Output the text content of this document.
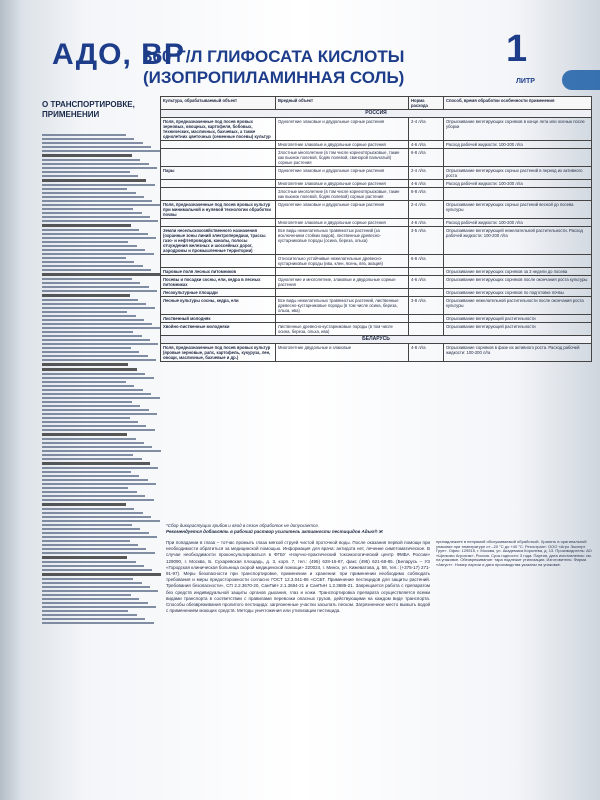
АДО, ВР
360 Г/Л ГЛИФОСАТА КИСЛОТЫ
(ИЗОПРОПИЛАМИННАЯ СОЛЬ)
1
ЛИТР
О ТРАНСПОРТИРОВКЕ,
ПРИМЕНЕНИИ
Культура, обрабатываемый объект	Вредный объект	Норма расхода	Способ, время обработки особенности применения
РОССИЯ			
Поля, предназначенные под посев яровых зерновых, овощных, картофеля, бобовых, технических, масличных, бахчевых, а также однолетних цветочных (семенные посевы) культур	Однолетние злаковые и двудольные сорные растения	2-4 л/га	Опрыскивание вегетирующих сорняков в конце лета или осенью после уборки
	Многолетние злаковые и двудольные сорные растения	4-6 л/га	Расход рабочей жидкости: 100-200 л/га
	Злостные многолетние (в том числе корнеотпрысковые, такие как вьюнок полевой, бодяк полевой, свинорой пальчатый) сорные растения	6-8 л/га	
Пары	Однолетние злаковые и двудольные сорные растения	2-4 л/га	Опрыскивание вегетирующих сорных растений в период их активного роста
	Многолетние злаковые и двудольные сорные растения	4-6 л/га	Расход рабочей жидкости: 100-200 л/га
	Злостные многолетние (в том числе корнеотпрысковые, такие как вьюнок полевой, бодяк полевой) сорные растения	6-8 л/га	
Поля, предназначенные под посев яровых культур при минимальной и нулевой технологии обработки почвы	Однолетние злаковые и двудольные сорные растения	2-4 л/га	Опрыскивание вегетирующих сорных растений весной до посева культуры
	Многолетние злаковые и двудольные сорные растения	4-6 л/га	Расход рабочей жидкости: 100-200 л/га
Земли несельскохозяйственного назначения (охранные зоны линий электропередачи, трассы газо- и нефтепроводов, каналы, полосы отчуждения железных и шоссейных дорог, аэродромы и промышленные территории)	Все виды нежелательных травянистых растений (за исключением стойких видов), лиственные древесно-кустарниковые породы (осина, береза, ольха)	3-5 л/га	Опрыскивание вегетирующей нежелательной растительности. Расход рабочей жидкости: 100-200 л/га
	Относительно устойчивые нежелательные древесно-кустарниковые породы (ива, клен, ясень, вяз, акация)	6-8 л/га	
Паровые поля лесных питомников			Опрыскивание вегетирующих сорняков за 3 недели до посева
Посевы и посадки сосны, ели, кедра в лесных питомниках	Однолетние и многолетние, злаковые и двудольные сорные растения	4-6 л/га	Опрыскивание вегетирующих сорняков после окончания роста культуры
Лесокультурные площади			Опрыскивание вегетирующих сорняков по подготовке почвы
Лесные культуры сосны, кедра, ели	Все виды нежелательных травянистых растений, лиственные древесно-кустарниковые породы (в том числе осина, береза, ольха, ива)	3-8 л/га	Опрыскивание нежелательной растительности после окончания роста культуры
Лиственный молодняк			Опрыскивание вегетирующей растительности
Хвойно-лиственные молодняки	Лиственные древесно-кустарниковые породы (в том числе осина, береза, ольха, ива)		Опрыскивание вегетирующей растительности
БЕЛАРУСЬ			
Поля, предназначенные под посев яровых культур (яровые зерновые, рапс, картофель, кукуруза, лен, овощи, масличные, бахчевые и др.)	Многолетние двудольные и злаковые	4-8 л/га	Опрыскивание сорняков в фазе их активного роста. Расход рабочей жидкости: 100-200 л/га
*Сбор дикорастущих грибов и ягод в сезон обработок не допускается.
Рекомендуется добавлять в рабочий раствор усилитель активности пестицидов Адью® Ж
При попадании в глаза – тотчас промыть глаза мягкой струей чистой проточной воды. После оказания первой помощи при необходимости обратиться за медицинской помощью. Информация для врача: антидота нет, лечение симптоматическое. В случае необходимости проконсультироваться в ФГБУ «Научно-практический токсикологический центр ФМБА России» 129090, г. Москва, Б. Сухаревская площадь, д. 3, корп. 7, тел.: (495) 628-16-87, факс (495) 621-68-85. (Беларусь – УЗ «Городская клиническая больница скорой медицинской помощи» 220024, г. Минск, ул. Кижеватова, д. 58, тел.: (+375-17) 271-91-97). Меры безопасности при транспортировке, применении и хранении: при применении необходимо соблюдать требования и меры предосторожности согласно ГОСТ 12.3.041-86 «ССБТ. Применение пестицидов для защиты растений. Требования безопасности», СП 2.2.3670-20, СанПиН 2.1.3684-21 и СанПиН 1.2.3685-21. Запрещается работа с препаратом без средств индивидуальной защиты органов дыхания, глаз и кожи. Транспортировка препарата осуществляется всеми видами транспорта в соответствии с правилами перевозки опасных грузов, действующими на каждом виде транспорта. Способы обезвреживания пролитого пестицида: загрязненные участки засыпать песком. Загрязненное место вымыть водой с применением моющих средств. Методы уничтожения или утилизации пестицида.
принадлежите в непрямой обслуживаемой обработкой. Хранить в оригинальной упаковке при температуре от –20 °С до +40 °С. Регистрант: ООО «Агро Эксперт Груп». Офис: 129515, г. Москва, ул. Академика Королева, д. 13. Производитель: АО «Щелково Агрохим», Россия. Срок годности: 3 года. Партия, дата изготовления: см. на упаковке. Обезвреживание: тара подлежит утилизации. Изготовитель: Фирма «Август». Номер партии и дата производства указаны на упаковке.
